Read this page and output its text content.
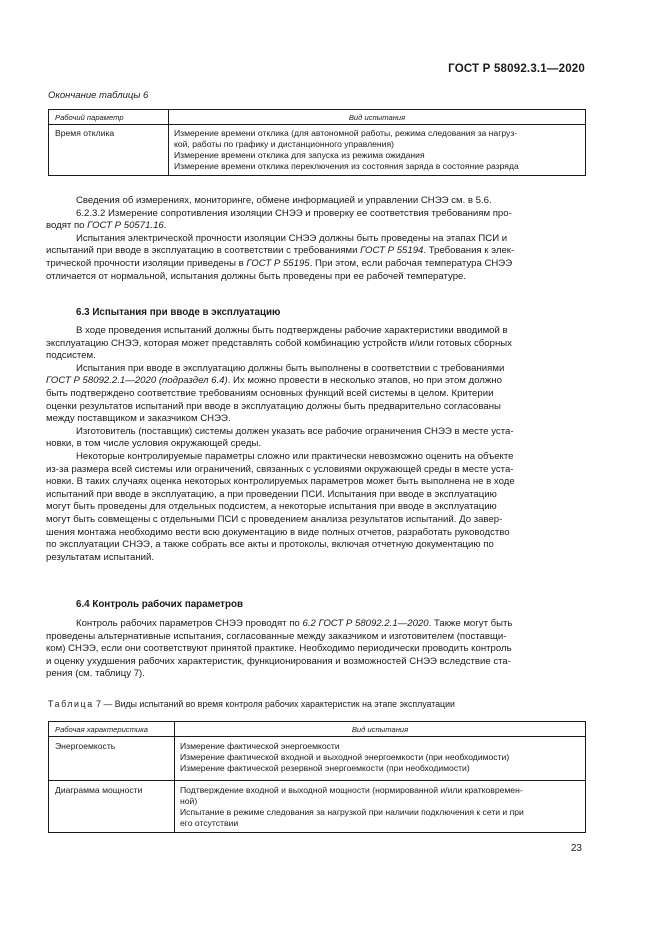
ГОСТ Р 58092.3.1—2020
Окончание таблицы 6
Рабочий параметр	Вид испытания
Время отклика	Измерение времени отклика (для автономной работы, режима следования за нагруз-
кой, работы по графику и дистанционного управления)
Измерение времени отклика для запуска из режима ожидания
Измерение времени отклика переключения из состояния заряда в состояние разряда

Сведения об измерениях, мониторинге, обмене информацией и управлении СНЭЭ см. в 5.6.

6.2.3.2 Измерение сопротивления изоляции СНЭЭ и проверку ее соответствия требованиям про-
водят по ГОСТ Р 50571.16.

Испытания электрической прочности изоляции СНЭЭ должны быть проведены на этапах ПСИ и
испытаний при вводе в эксплуатацию в соответствии с требованиями ГОСТ Р 55194. Требования к элек-
трической прочности изоляции приведены в ГОСТ Р 55195. При этом, если рабочая температура СНЭЭ
отличается от нормальной, испытания должны быть проведены при ее рабочей температуре.

6.3 Испытания при вводе в эксплуатацию

В ходе проведения испытаний должны быть подтверждены рабочие характеристики вводимой в
эксплуатацию СНЭЭ, которая может представлять собой комбинацию устройств и/или готовых сборных
подсистем.

Испытания при вводе в эксплуатацию должны быть выполнены в соответствии с требованиями
ГОСТ Р 58092.2.1—2020 (подраздел 6.4). Их можно провести в несколько этапов, но при этом должно
быть подтверждено соответствие требованиям основных функций всей системы в целом. Критерии
оценки результатов испытаний при вводе в эксплуатацию должны быть предварительно согласованы
между поставщиком и заказчиком СНЭЭ.

Изготовитель (поставщик) системы должен указать все рабочие ограничения СНЭЭ в месте уста-
новки, в том числе условия окружающей среды.

Некоторые контролируемые параметры сложно или практически невозможно оценить на объекте
из-за размера всей системы или ограничений, связанных с условиями окружающей среды в месте уста-
новки. В таких случаях оценка некоторых контролируемых параметров может быть выполнена не в ходе
испытаний при вводе в эксплуатацию, а при проведении ПСИ. Испытания при вводе в эксплуатацию
могут быть проведены для отдельных подсистем, а некоторые испытания при вводе в эксплуатацию
могут быть совмещены с отдельными ПСИ с проведением анализа результатов испытаний. До завер-
шения монтажа необходимо вести всю документацию в виде полных отчетов, разработать руководство
по эксплуатации СНЭЭ, а также собрать все акты и протоколы, включая отчетную документацию по
результатам испытаний.

6.4 Контроль рабочих параметров

Контроль рабочих параметров СНЭЭ проводят по 6.2 ГОСТ Р 58092.2.1—2020. Также могут быть
проведены альтернативные испытания, согласованные между заказчиком и изготовителем (поставщи-
ком) СНЭЭ, если они соответствуют принятой практике. Необходимо периодически проводить контроль
и оценку ухудшения рабочих характеристик, функционирования и возможностей СНЭЭ вследствие ста-
рения (см. таблицу 7).

Таблица 7 — Виды испытаний во время контроля рабочих характеристик на этапе эксплуатации
Рабочая характеристика	Вид испытания
Энергоемкость	Измерение фактической энергоемкости
Измерение фактической входной и выходной энергоемкости (при необходимости)
Измерение фактической резервной энергоемкости (при необходимости)

Диаграмма мощности	Подтверждение входной и выходной мощности (нормированной и/или кратковремен-
ной)
Испытание в режиме следования за нагрузкой при наличии подключения к сети и при
его отсутствии
23
